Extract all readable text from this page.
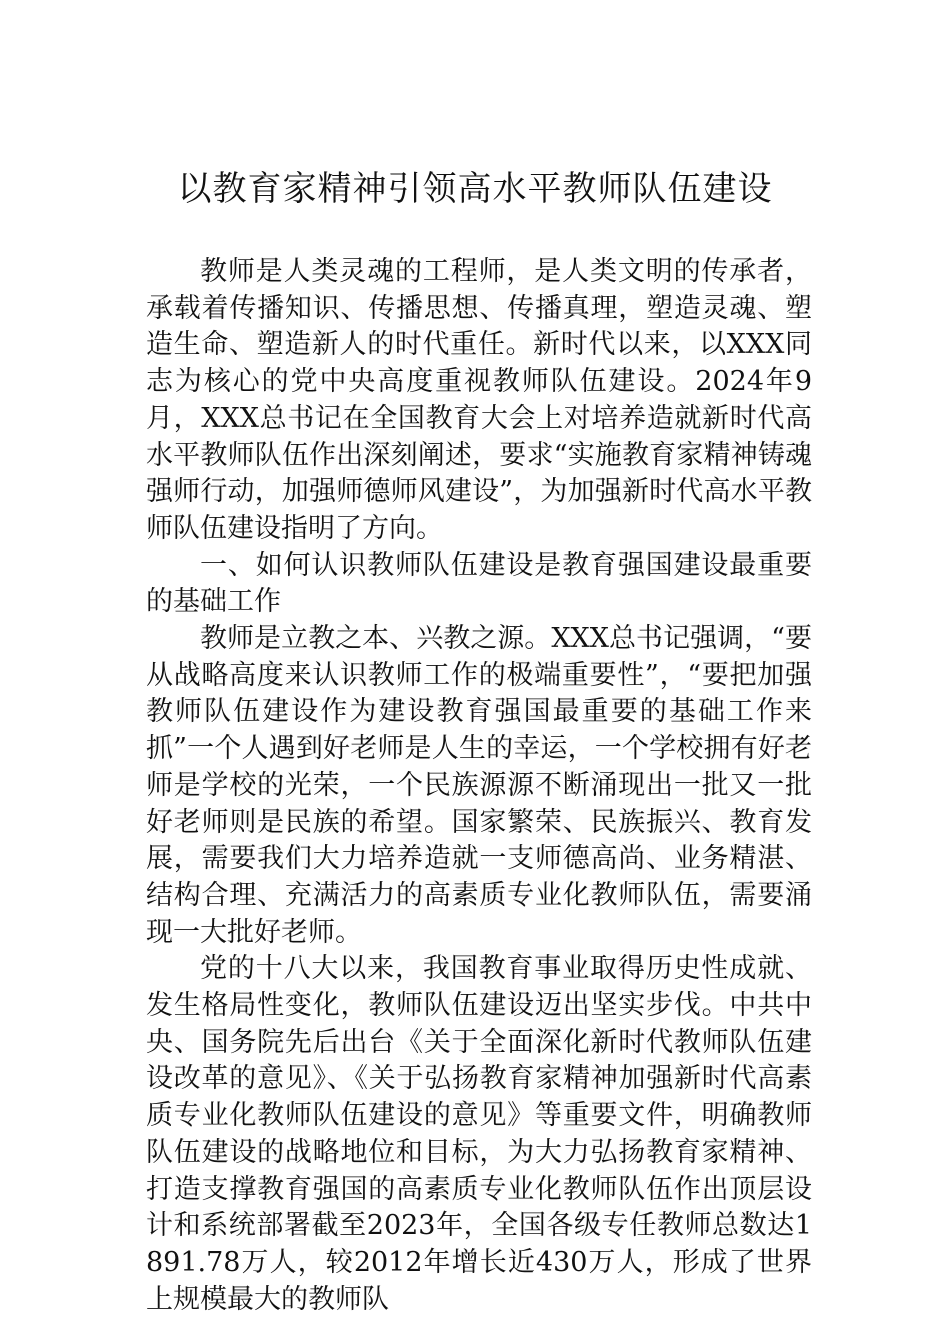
以教育家精神引领高水平教师队伍建设

教师是人类灵魂的工程师，是人类文明的传承者，承载着传播知识、传播思想、传播真理，塑造灵魂、塑造生命、塑造新人的时代重任。新时代以来，以XXX同志为核心的党中央高度重视教师队伍建设。2024年9月，XXX总书记在全国教育大会上对培养造就新时代高水平教师队伍作出深刻阐述，要求“实施教育家精神铸魂强师行动，加强师德师风建设”，为加强新时代高水平教师队伍建设指明了方向。

一、如何认识教师队伍建设是教育强国建设最重要的基础工作

教师是立教之本、兴教之源。XXX总书记强调，“要从战略高度来认识教师工作的极端重要性”，“要把加强教师队伍建设作为建设教育强国最重要的基础工作来抓”一个人遇到好老师是人生的幸运，一个学校拥有好老师是学校的光荣，一个民族源源不断涌现出一批又一批好老师则是民族的希望。国家繁荣、民族振兴、教育发展，需要我们大力培养造就一支师德高尚、业务精湛、结构合理、充满活力的高素质专业化教师队伍，需要涌现一大批好老师。

党的十八大以来，我国教育事业取得历史性成就、发生格局性变化，教师队伍建设迈出坚实步伐。中共中央、国务院先后出台《关于全面深化新时代教师队伍建设改革的意见》、《关于弘扬教育家精神加强新时代高素质专业化教师队伍建设的意见》等重要文件，明确教师队伍建设的战略地位和目标，为大力弘扬教育家精神、打造支撑教育强国的高素质专业化教师队伍作出顶层设计和系统部署截至2023年，全国各级专任教师总数达1891.78万人，较2012年增长近430万人，形成了世界上规模最大的教师队
